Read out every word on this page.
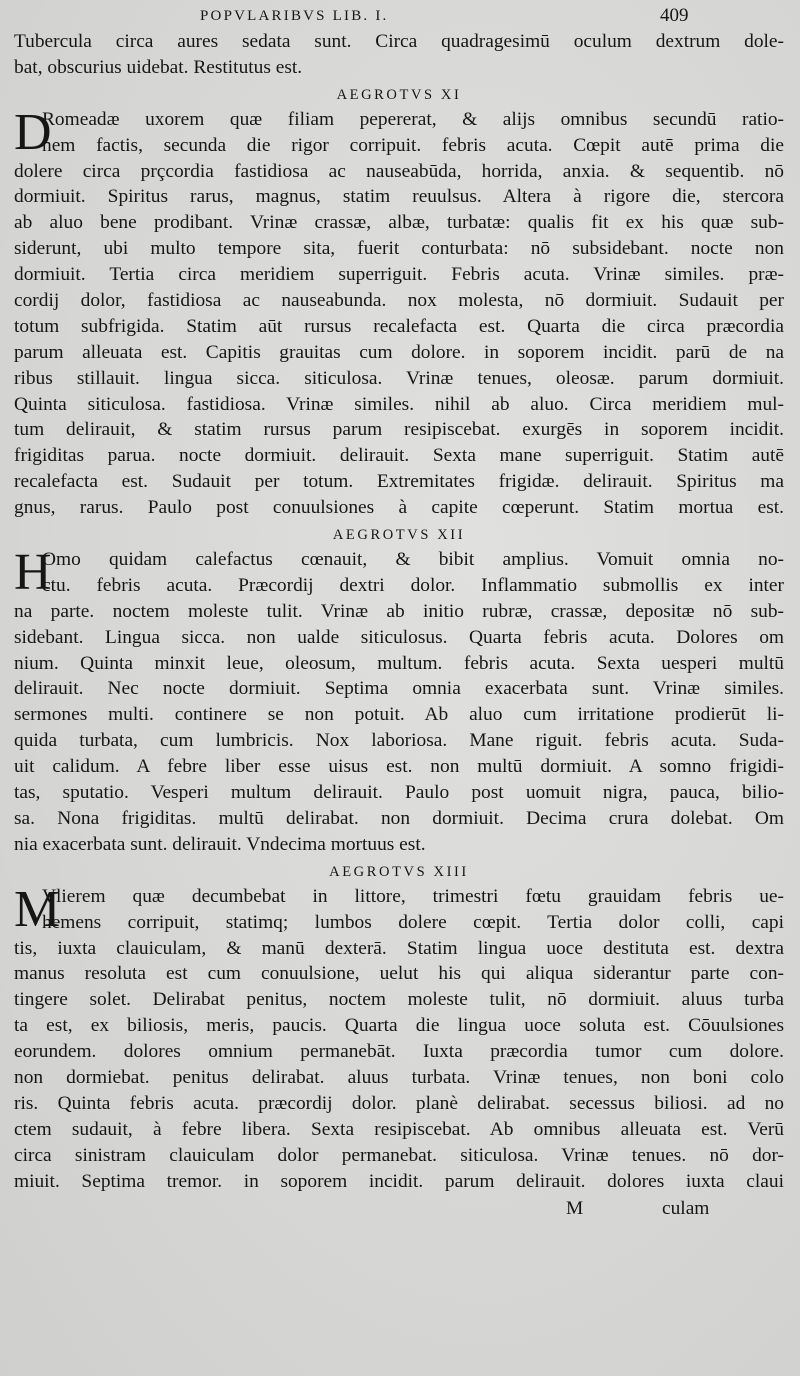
POPVLARIBVS LIB. I.	409
Tubercula circa aures sedata sunt. Circa quadragesimū oculum dextrum dole-
bat, obscurius uidebat. Restitutus est.
AEGROTVS XI
D
Romeadæ uxorem quæ filiam pepererat, & alijs omnibus secundū ratio-
nem factis, secunda die rigor corripuit. febris acuta. Cœpit autē prima die
dolere circa prçcordia fastidiosa ac nauseabūda, horrida, anxia. & sequentib. nō
dormiuit. Spiritus rarus, magnus, statim reuulsus. Altera à rigore die, stercora
ab aluo bene prodibant. Vrinæ crassæ, albæ, turbatæ: qualis fit ex his quæ sub-
siderunt, ubi multo tempore sita, fuerit conturbata: nō subsidebant. nocte non
dormiuit. Tertia circa meridiem superriguit. Febris acuta. Vrinæ similes. præ-
cordij dolor, fastidiosa ac nauseabunda. nox molesta, nō dormiuit. Sudauit per
totum subfrigida. Statim aūt rursus recalefacta est. Quarta die circa præcordia
parum alleuata est. Capitis grauitas cum dolore. in soporem incidit. parū de na
ribus stillauit. lingua sicca. siticulosa. Vrinæ tenues, oleosæ. parum dormiuit.
Quinta siticulosa. fastidiosa. Vrinæ similes. nihil ab aluo. Circa meridiem mul-
tum delirauit, & statim rursus parum resipiscebat. exurgēs in soporem incidit.
frigiditas parua. nocte dormiuit. delirauit. Sexta mane superriguit. Statim autē
recalefacta est. Sudauit per totum. Extremitates frigidæ. delirauit. Spiritus ma
gnus, rarus. Paulo post conuulsiones à capite cœperunt. Statim mortua est.
AEGROTVS XII
H
Omo quidam calefactus cœnauit, & bibit amplius. Vomuit omnia no-
ctu. febris acuta. Præcordij dextri dolor. Inflammatio submollis ex inter
na parte. noctem moleste tulit. Vrinæ ab initio rubræ, crassæ, depositæ nō sub-
sidebant. Lingua sicca. non ualde siticulosus. Quarta febris acuta. Dolores om
nium. Quinta minxit leue, oleosum, multum. febris acuta. Sexta uesperi multū
delirauit. Nec nocte dormiuit. Septima omnia exacerbata sunt. Vrinæ similes.
sermones multi. continere se non potuit. Ab aluo cum irritatione prodierūt li-
quida turbata, cum lumbricis. Nox laboriosa. Mane riguit. febris acuta. Suda-
uit calidum. A febre liber esse uisus est. non multū dormiuit. A somno frigidi-
tas, sputatio. Vesperi multum delirauit. Paulo post uomuit nigra, pauca, bilio-
sa. Nona frigiditas. multū delirabat. non dormiuit. Decima crura dolebat. Om
nia exacerbata sunt. delirauit. Vndecima mortuus est.
AEGROTVS XIII
M
Vlierem quæ decumbebat in littore, trimestri fœtu grauidam febris ue-
hemens corripuit, statimq; lumbos dolere cœpit. Tertia dolor colli, capi
tis, iuxta clauiculam, & manū dexterā. Statim lingua uoce destituta est. dextra
manus resoluta est cum conuulsione, uelut his qui aliqua siderantur parte con-
tingere solet. Delirabat penitus, noctem moleste tulit, nō dormiuit. aluus turba
ta est, ex biliosis, meris, paucis. Quarta die lingua uoce soluta est. Cōuulsiones
eorundem. dolores omnium permanebāt. Iuxta præcordia tumor cum dolore.
non dormiebat. penitus delirabat. aluus turbata. Vrinæ tenues, non boni colo
ris. Quinta febris acuta. præcordij dolor. planè delirabat. secessus biliosi. ad no
ctem sudauit, à febre libera. Sexta resipiscebat. Ab omnibus alleuata est. Verū
circa sinistram clauiculam dolor permanebat. siticulosa. Vrinæ tenues. nō dor-
miuit. Septima tremor. in soporem incidit. parum delirauit. dolores iuxta claui
M	culam
